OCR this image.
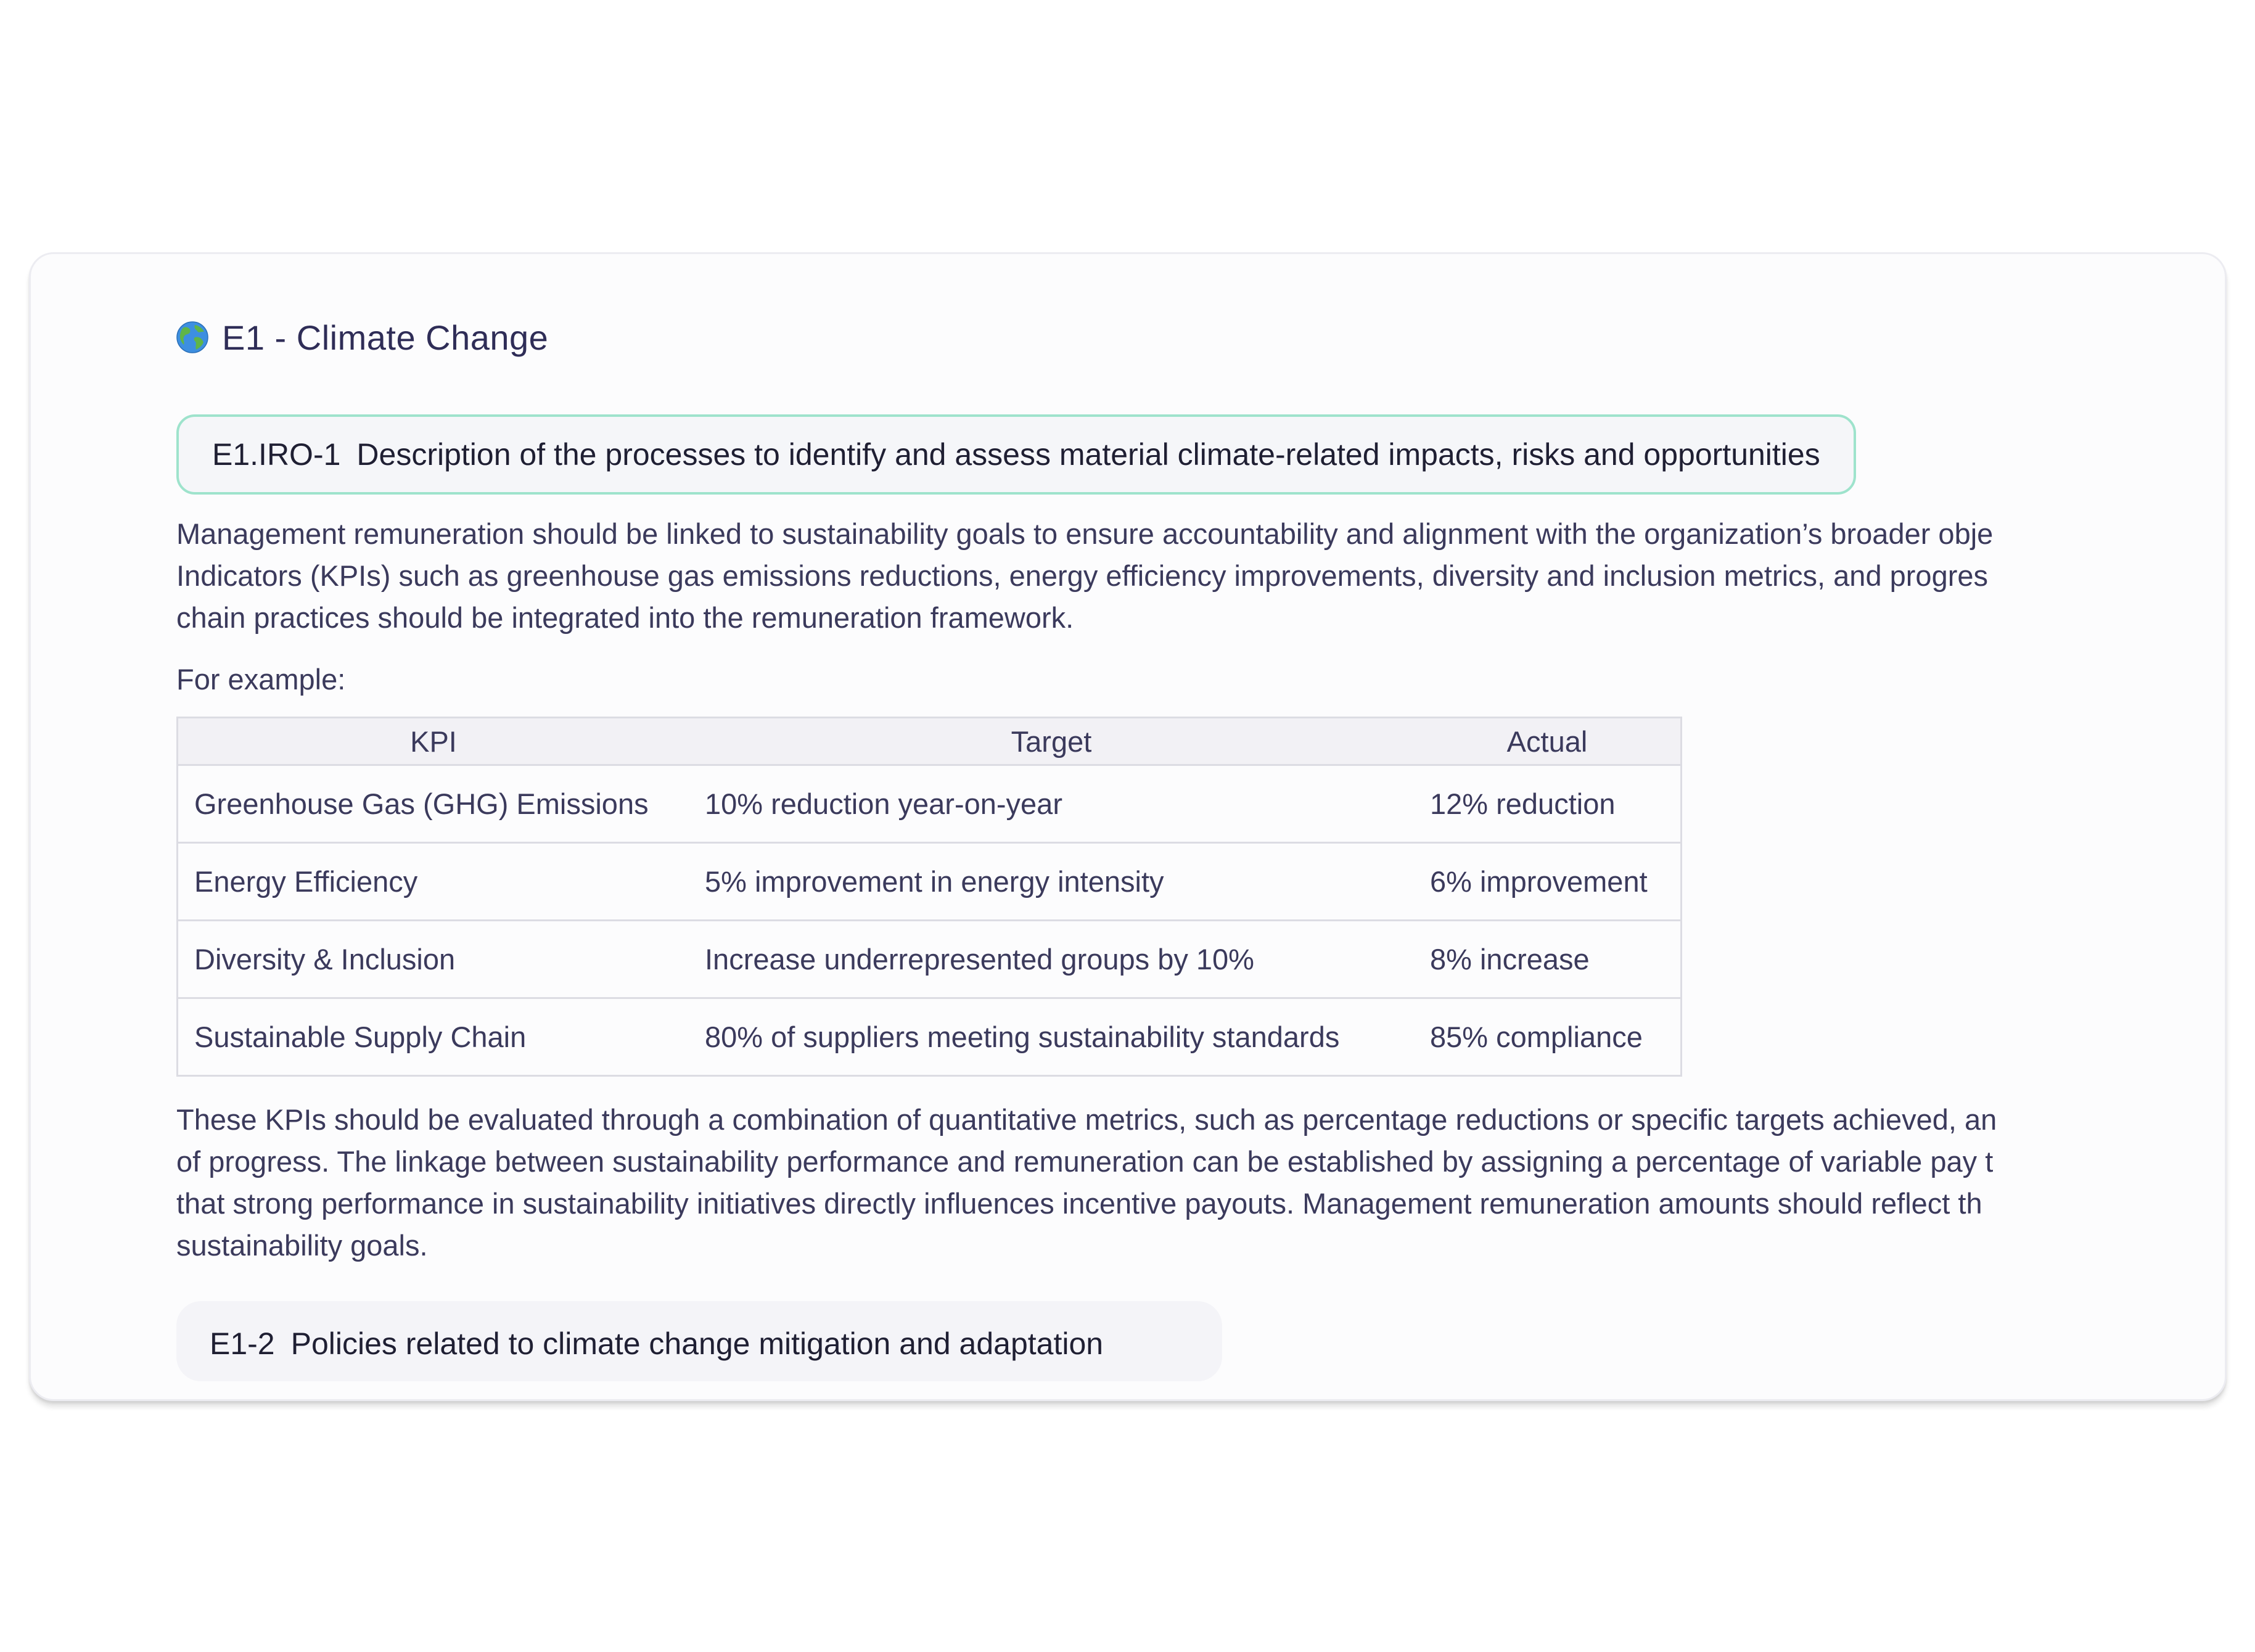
E1 - Climate Change
E1.IRO-1 Description of the processes to identify and assess material climate-related impacts, risks and opportunities

Management remuneration should be linked to sustainability goals to ensure accountability and alignment with the organization’s broader obje
Indicators (KPIs) such as greenhouse gas emissions reductions, energy efficiency improvements, diversity and inclusion metrics, and progres
chain practices should be integrated into the remuneration framework.

For example:
KPI	Target	Actual
Greenhouse Gas (GHG) Emissions	10% reduction year-on-year	12% reduction
Energy Efficiency	5% improvement in energy intensity	6% improvement
Diversity & Inclusion	Increase underrepresented groups by 10%	8% increase
Sustainable Supply Chain	80% of suppliers meeting sustainability standards	85% compliance

These KPIs should be evaluated through a combination of quantitative metrics, such as percentage reductions or specific targets achieved, an
of progress. The linkage between sustainability performance and remuneration can be established by assigning a percentage of variable pay t
that strong performance in sustainability initiatives directly influences incentive payouts. Management remuneration amounts should reflect th
sustainability goals.

E1-2 Policies related to climate change mitigation and adaptation
